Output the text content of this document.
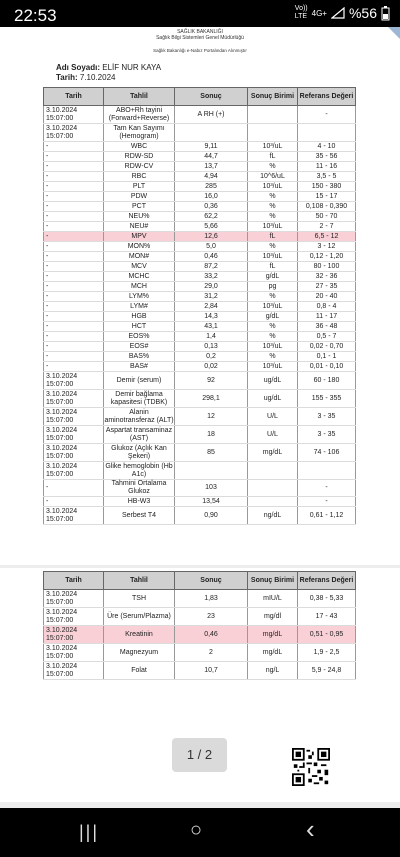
22:53	Vo))
LTE 4G+ %56
SAĞLIK BAKANLIĞI
Sağlık Bilgi Sistemleri Genel Müdürlüğü
Sağlık Bakanlığı e-Nabız Portalından Alınmıştır
Adı Soyadı: ELİF NUR KAYA
Tarih: 7.10.2024
Tarih	Tahlil	Sonuç	Sonuç Birimi	Referans Değeri
3.10.2024 15:07:00	ABO+Rh tayini (Forward+Reverse)	A RH (+)		-
3.10.2024 15:07:00	Tam Kan Sayımı (Hemogram)			
-	WBC	9,11	10³/uL	4 - 10
-	RDW-SD	44,7	fL	35 - 56
-	RDW-CV	13,7	%	11 - 16
-	RBC	4,94	10^6/uL	3,5 - 5
-	PLT	285	10³/uL	150 - 380
-	PDW	16,0	%	15 - 17
-	PCT	0,36	%	0,108 - 0,390
-	NEU%	62,2	%	50 - 70
-	NEU#	5,66	10³/uL	2 - 7
-	MPV	12,6	fL	6,5 - 12
-	MON%	5,0	%	3 - 12
-	MON#	0,46	10³/uL	0,12 - 1,20
-	MCV	87,2	fL	80 - 100
-	MCHC	33,2	g/dL	32 - 36
-	MCH	29,0	pg	27 - 35
-	LYM%	31,2	%	20 - 40
-	LYM#	2,84	10³/uL	0,8 - 4
-	HGB	14,3	g/dL	11 - 17
-	HCT	43,1	%	36 - 48
-	EOS%	1,4	%	0,5 - 7
-	EOS#	0,13	10³/uL	0,02 - 0,70
-	BAS%	0,2	%	0,1 - 1
-	BAS#	0,02	10³/uL	0,01 - 0,10
3.10.2024 15:07:00	Demir (serum)	92	ug/dL	60 - 180
3.10.2024 15:07:00	Demir bağlama kapasitesi (TDBK)	298,1	ug/dL	155 - 355
3.10.2024 15:07:00	Alanin aminotransferaz (ALT)	12	U/L	3 - 35
3.10.2024 15:07:00	Aspartat transaminaz (AST)	18	U/L	3 - 35
3.10.2024 15:07:00	Glukoz (Açlık Kan Şekeri)	85	mg/dL	74 - 106
3.10.2024 15:07:00	Glike hemoglobin (Hb A1c)			
-	Tahmini Ortalama Glukoz	103		-
-	HB-W3	13,54		-
3.10.2024 15:07:00	Serbest T4	0,90	ng/dL	0,61 - 1,12
Tarih	Tahlil	Sonuç	Sonuç Birimi	Referans Değeri
3.10.2024 15:07:00	TSH	1,83	mIU/L	0,38 - 5,33
3.10.2024 15:07:00	Üre (Serum/Plazma)	23	mg/dl	17 - 43
3.10.2024 15:07:00	Kreatinin	0,46	mg/dL	0,51 - 0,95
3.10.2024 15:07:00	Magnezyum	2	mg/dL	1,9 - 2,5
3.10.2024 15:07:00	Folat	10,7	ng/L	5,9 - 24,8
1 / 2
|||	○	‹
